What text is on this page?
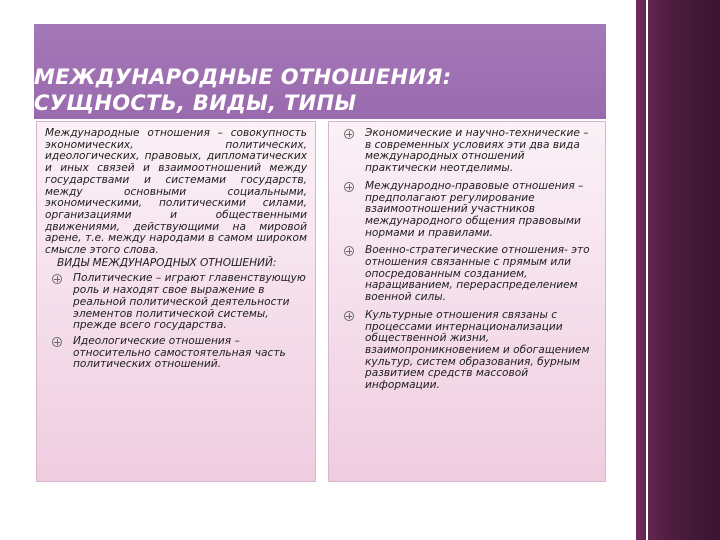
МЕЖДУНАРОДНЫЕ ОТНОШЕНИЯ: СУЩНОСТЬ, ВИДЫ, ТИПЫ
Международные отношения – совокупность экономических, политических, идеологических, правовых, дипломатических и иных связей и взаимоотношений между государствами и системами государств, между основными социальными, экономическими, политическими силами, организациями и общественными движениями, действующими на мировой арене, т.е. между народами в самом широком смысле этого слова.
ВИДЫ МЕЖДУНАРОДНЫХ ОТНОШЕНИЙ:
Политические – играют главенствующую роль и находят свое выражение в реальной политической деятельности элементов политической системы, прежде всего государства.
Идеологические отношения – относительно самостоятельная часть политических отношений.
Экономические и научно-технические – в современных условиях эти два вида международных отношений практически неотделимы.
Международно-правовые отношения – предполагают регулирование взаимоотношений участников международного общения правовыми нормами и правилами.
Военно-стратегические отношения- это отношения связанные с прямым или опосредованным созданием, наращиванием, перераспределением военной силы.
Культурные отношения связаны с процессами интернационализации общественной жизни, взаимопроникновением и обогащением культур, систем образования, бурным развитием средств массовой информации.
